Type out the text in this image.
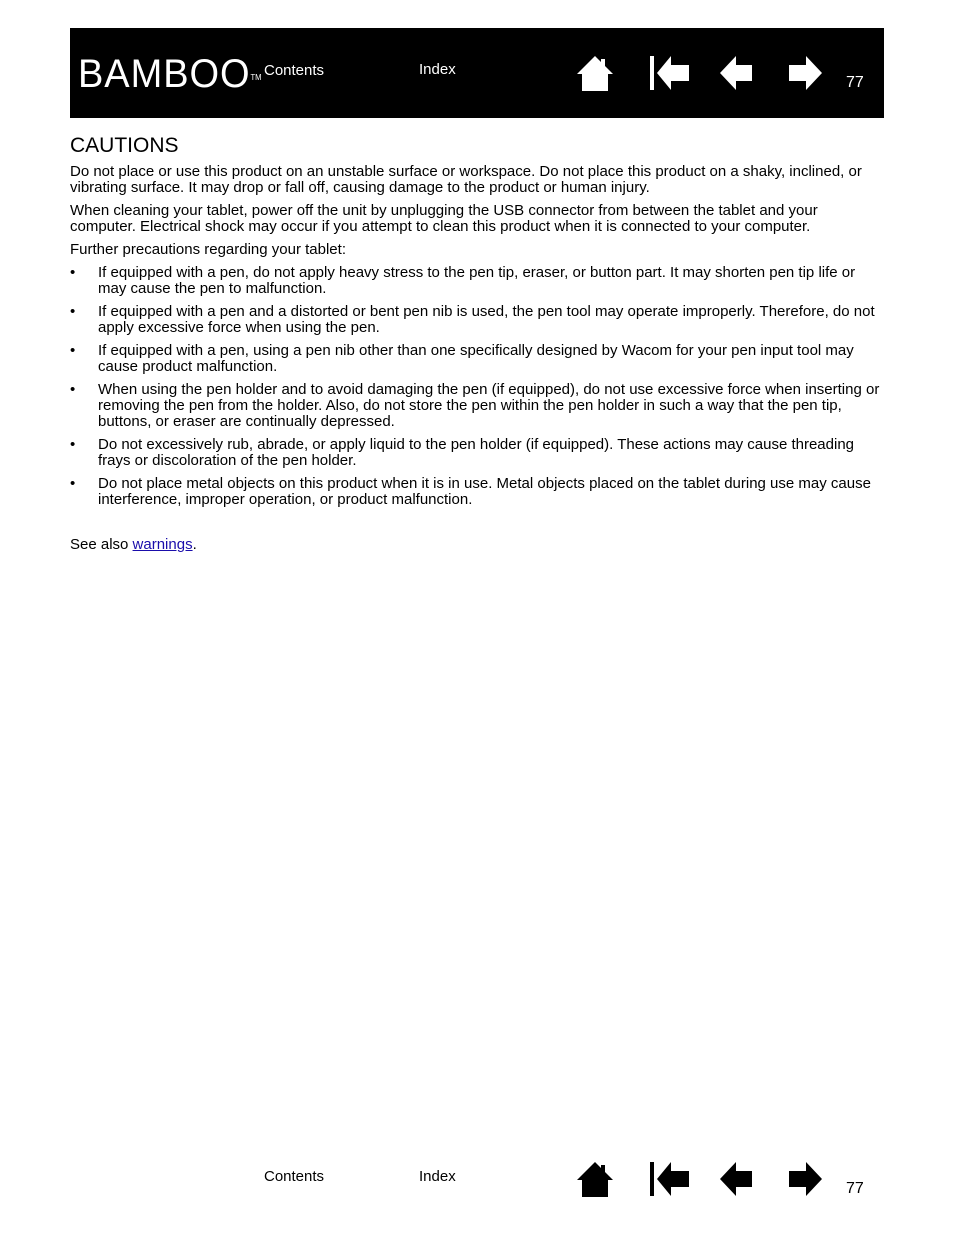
BAMBOO™ Contents	Index
77
CAUTIONS

Do not place or use this product on an unstable surface or workspace. Do not place this product on a shaky, inclined, or vibrating surface. It may drop or fall off, causing damage to the product or human injury.

When cleaning your tablet, power off the unit by unplugging the USB connector from between the tablet and your computer. Electrical shock may occur if you attempt to clean this product when it is connected to your computer.

Further precautions regarding your tablet:

• If equipped with a pen, do not apply heavy stress to the pen tip, eraser, or button part. It may shorten pen tip life or may cause the pen to malfunction.
• If equipped with a pen and a distorted or bent pen nib is used, the pen tool may operate improperly. Therefore, do not apply excessive force when using the pen.
• If equipped with a pen, using a pen nib other than one specifically designed by Wacom for your pen input tool may cause product malfunction.
• When using the pen holder and to avoid damaging the pen (if equipped), do not use excessive force when inserting or removing the pen from the holder. Also, do not store the pen within the pen holder in such a way that the pen tip, buttons, or eraser are continually depressed.
• Do not excessively rub, abrade, or apply liquid to the pen holder (if equipped). These actions may cause threading frays or discoloration of the pen holder.
• Do not place metal objects on this product when it is in use. Metal objects placed on the tablet during use may cause interference, improper operation, or product malfunction.

See also warnings.

Contents	Index
77
